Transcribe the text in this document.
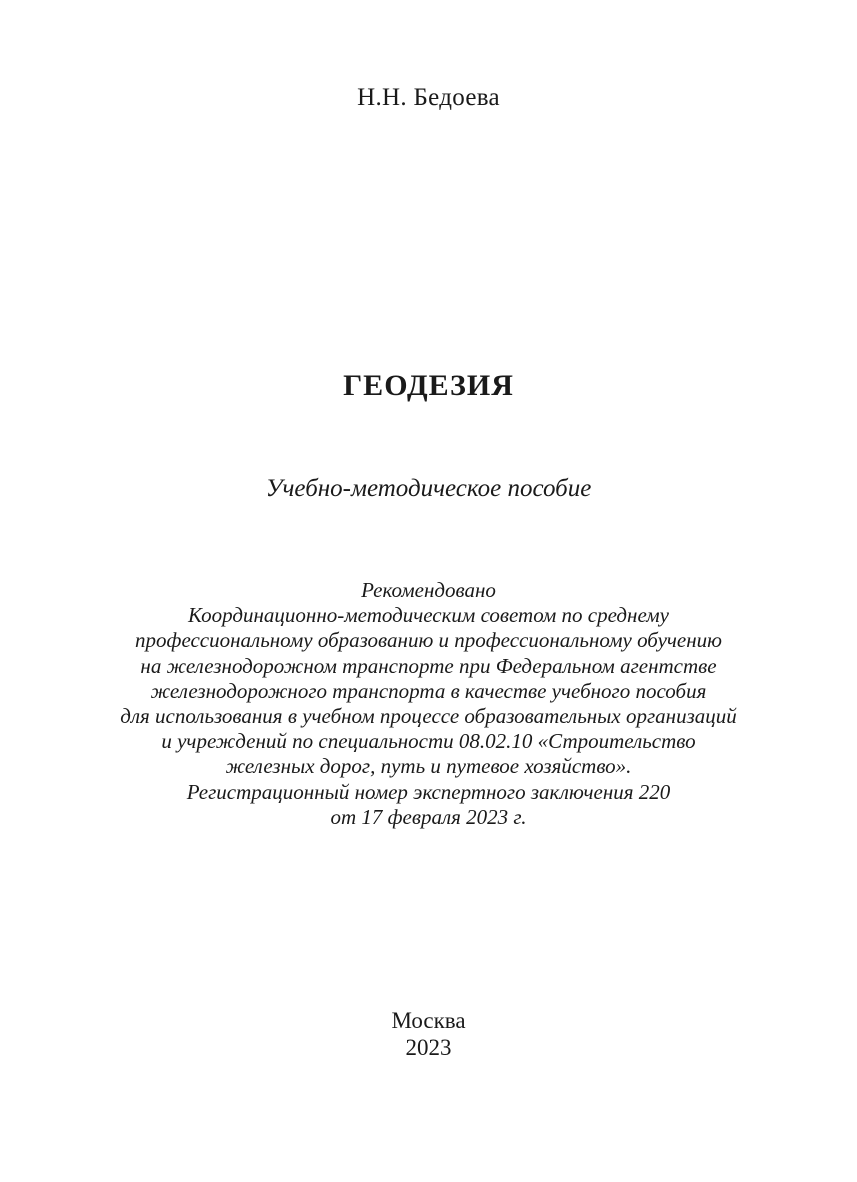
Н.Н. Бедоева
ГЕОДЕЗИЯ
Учебно-методическое пособие
Рекомендовано
Координационно-методическим советом по среднему
профессиональному образованию и профессиональному обучению
на железнодорожном транспорте при Федеральном агентстве
железнодорожного транспорта в качестве учебного пособия
для использования в учебном процессе образовательных организаций
и учреждений по специальности 08.02.10 «Строительство
железных дорог, путь и путевое хозяйство».
Регистрационный номер экспертного заключения 220
от 17 февраля 2023 г.
Москва
2023
